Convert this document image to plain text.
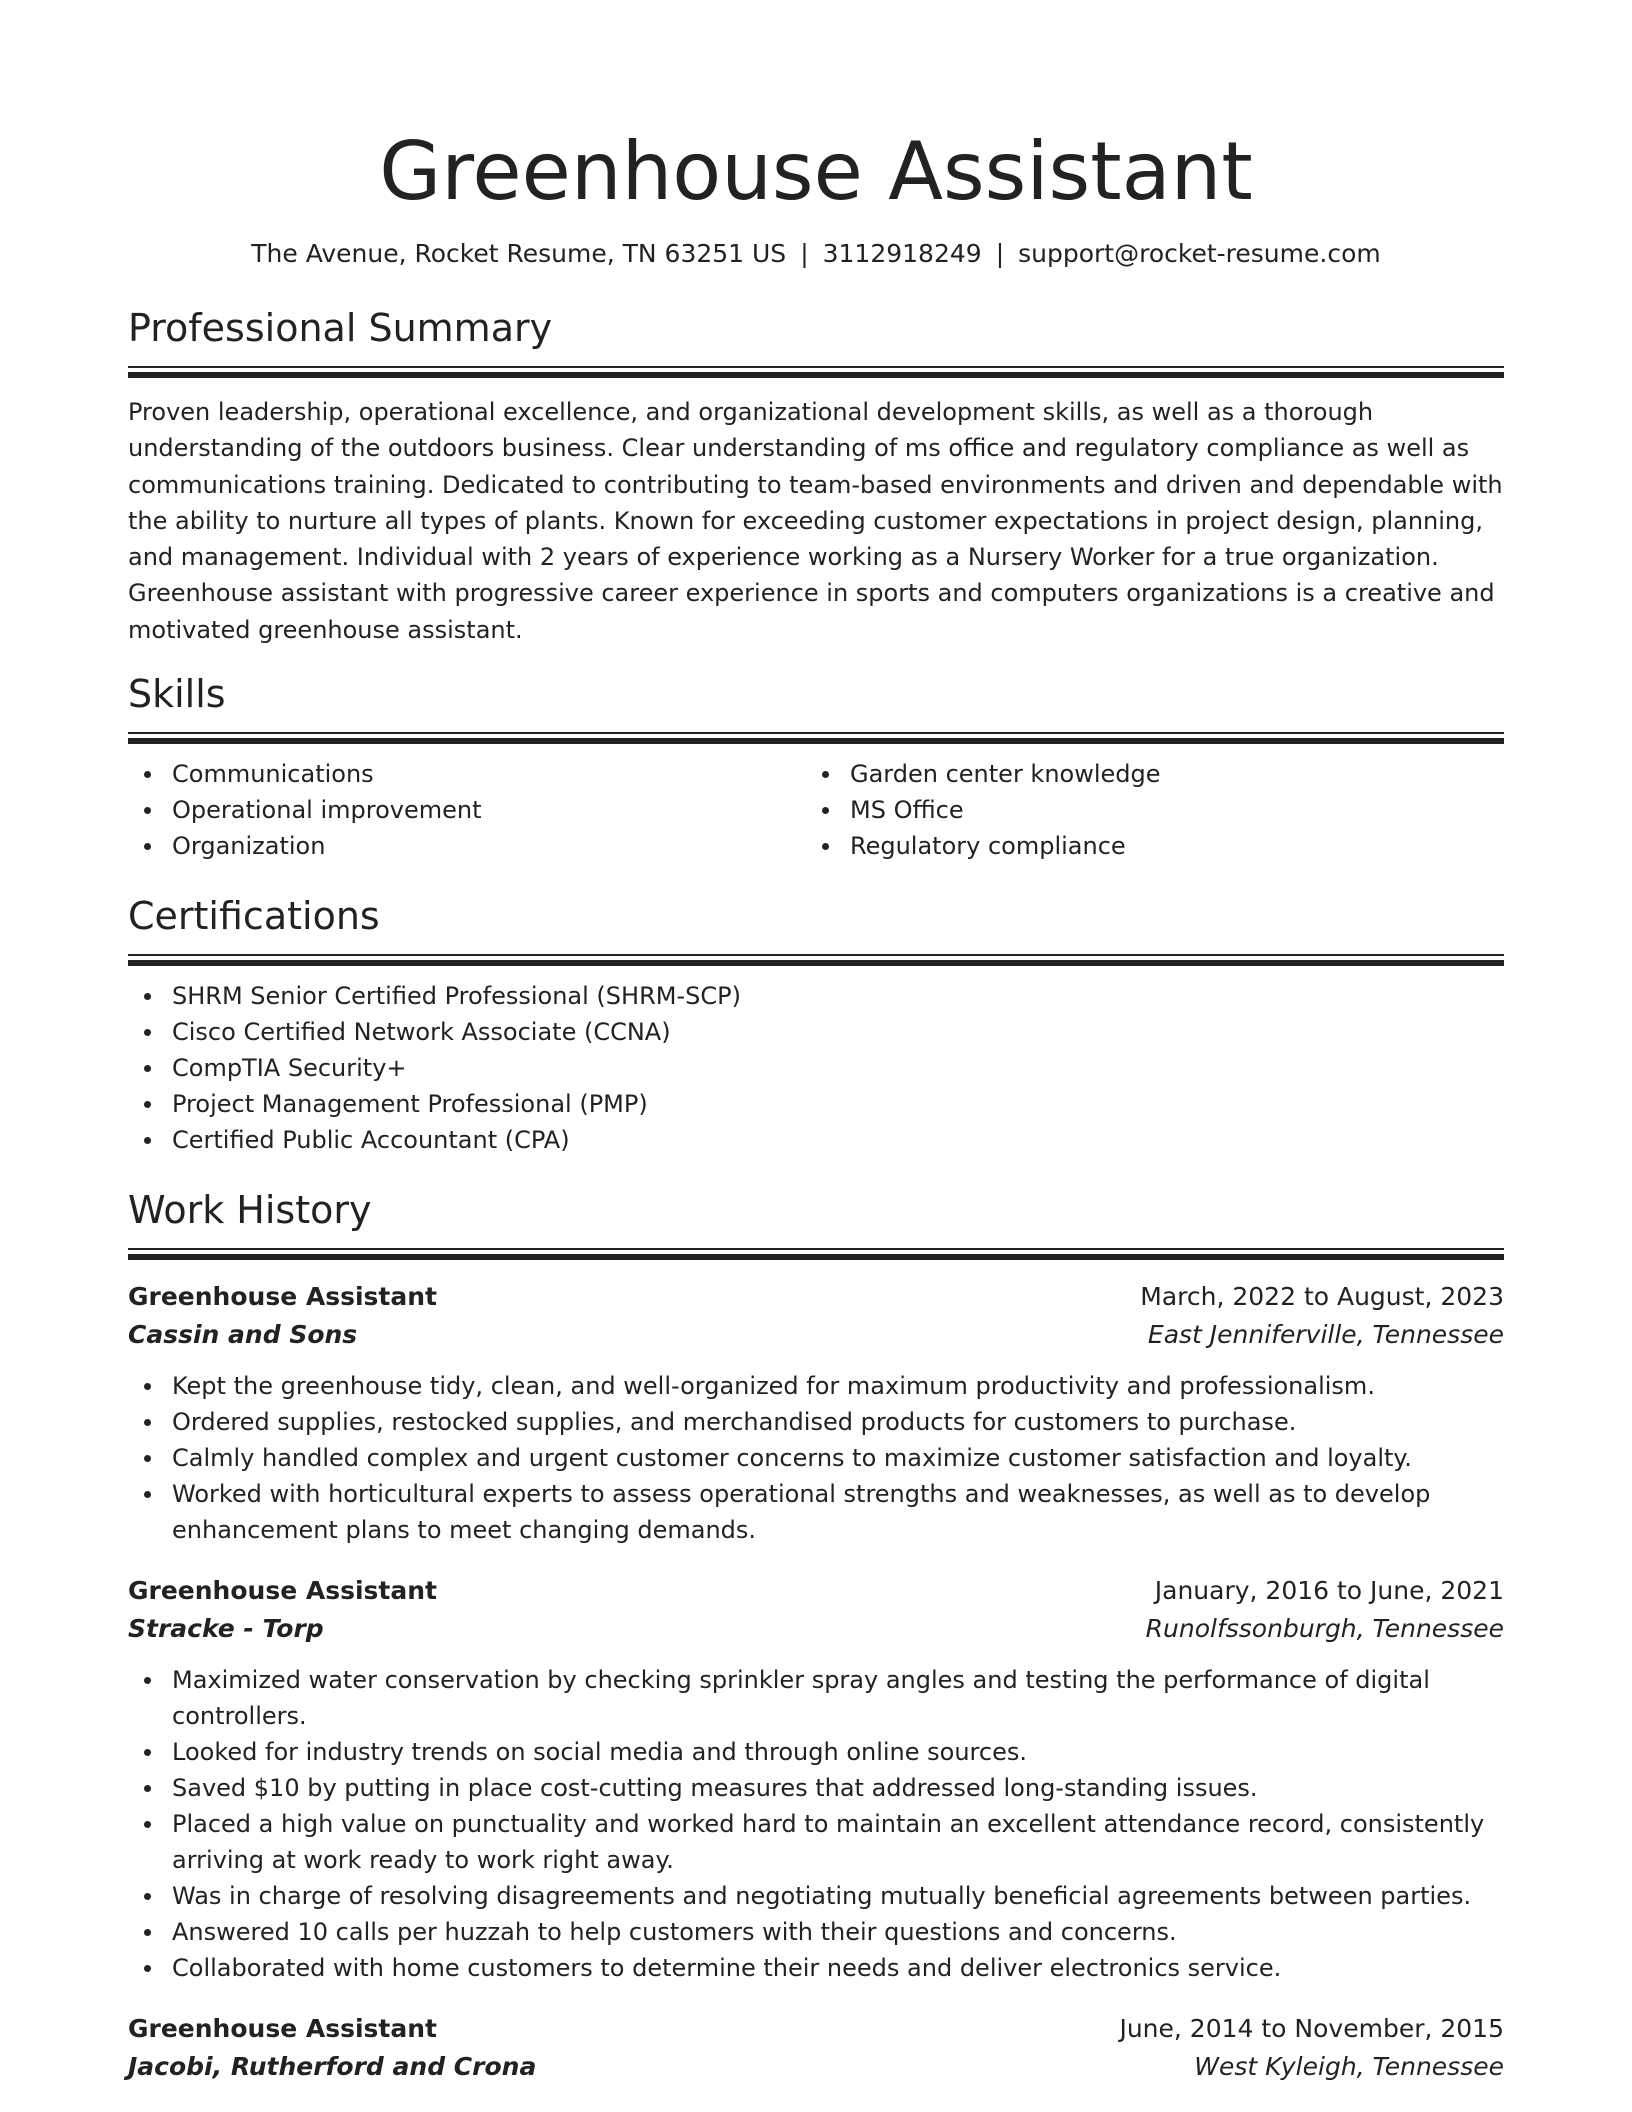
Greenhouse Assistant
The Avenue, Rocket Resume, TN 63251 US | 3112918249 | support@rocket-resume.com
Professional Summary

Proven leadership, operational excellence, and organizational development skills, as well as a thorough understanding of the outdoors business. Clear understanding of ms office and regulatory compliance as well as communications training. Dedicated to contributing to team-based environments and driven and dependable with the ability to nurture all types of plants. Known for exceeding customer expectations in project design, planning, and management. Individual with 2 years of experience working as a Nursery Worker for a true organization. Greenhouse assistant with progressive career experience in sports and computers organizations is a creative and motivated greenhouse assistant.

Skills
Communications
Operational improvement
Organization
Garden center knowledge
MS Office
Regulatory compliance
Certifications
SHRM Senior Certified Professional (SHRM-SCP)
Cisco Certified Network Associate (CCNA)
CompTIA Security+
Project Management Professional (PMP)
Certified Public Accountant (CPA)
Work History
Greenhouse Assistant	March, 2022 to August, 2023
Cassin and Sons	East Jenniferville, Tennessee
Kept the greenhouse tidy, clean, and well-organized for maximum productivity and professionalism.
Ordered supplies, restocked supplies, and merchandised products for customers to purchase.
Calmly handled complex and urgent customer concerns to maximize customer satisfaction and loyalty.
Worked with horticultural experts to assess operational strengths and weaknesses, as well as to develop enhancement plans to meet changing demands.
Greenhouse Assistant	January, 2016 to June, 2021
Stracke - Torp	Runolfssonburgh, Tennessee
Maximized water conservation by checking sprinkler spray angles and testing the performance of digital controllers.
Looked for industry trends on social media and through online sources.
Saved $10 by putting in place cost-cutting measures that addressed long-standing issues.
Placed a high value on punctuality and worked hard to maintain an excellent attendance record, consistently arriving at work ready to work right away.
Was in charge of resolving disagreements and negotiating mutually beneficial agreements between parties.
Answered 10 calls per huzzah to help customers with their questions and concerns.
Collaborated with home customers to determine their needs and deliver electronics service.
Greenhouse Assistant	June, 2014 to November, 2015
Jacobi, Rutherford and Crona	West Kyleigh, Tennessee
